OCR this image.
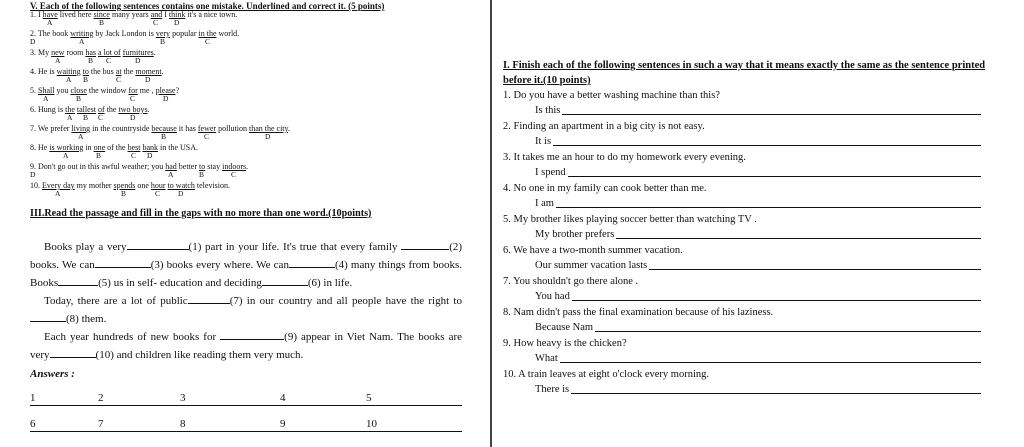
V. Each of the following sentences contains one mistake. Underlined and correct it. (5 points)
1. I have lived here since many years and I think it's a nice town.
A	B	C D
2. The book writing by Jack London is very popular in the world.
A	B	C
D
3. My new room has a lot of furnitures.
A	B C	D
4. He is waiting to the bus at the moment.
A B	C	D
5. Shall you close the window for me , please?
A	B	C	D
6. Hung is the tallest of the two boys.
A B C	D
7. We prefer living in the countryside because it has fewer pollution than the city.
A	B	C	D
8. He is working in one of the best bank in the USA.
A	B	C D
9. Don't go out in this awful weather; you had better to stay indoors.
A	B	C
D
10. Every day my mother spends one hour to watch television.
A	B	C D
III.Read the passage and fill in the gaps with no more than one word.(10points)

Books play a very	(1) part in your life. It's true that every family	(2) books. We can	(3) books every where. We can	(4) many things from books. Books	(5) us in self- education and deciding	(6) in life.

Today, there are a lot of public	(7) in our country and all people have the right to(8) them.

Each year hundreds of new books for	(9) appear in Viet Nam. The books are very	(10) and children like reading them very much.

Answers :
1	2	3	4	5
6	7	8	9	10
I. Finish each of the following sentences in such a way that it means exactly the same as the sentence printed before it.(10 points)
1. Do you have a better washing machine than this?
Is this
2. Finding an apartment in a big city is not easy.
It is
3. It takes me an hour to do my homework every evening.
I spend
4. No one in my family can cook better than me.
I am
5. My brother likes playing soccer better than watching TV .
My brother prefers
6. We have a two-month summer vacation.
Our summer vacation lasts
7. You shouldn't go there alone .
You had
8. Nam didn't pass the final examination because of his laziness.
Because Nam
9. How heavy is the chicken?
What
10. A train leaves at eight o'clock every morning.
There is
